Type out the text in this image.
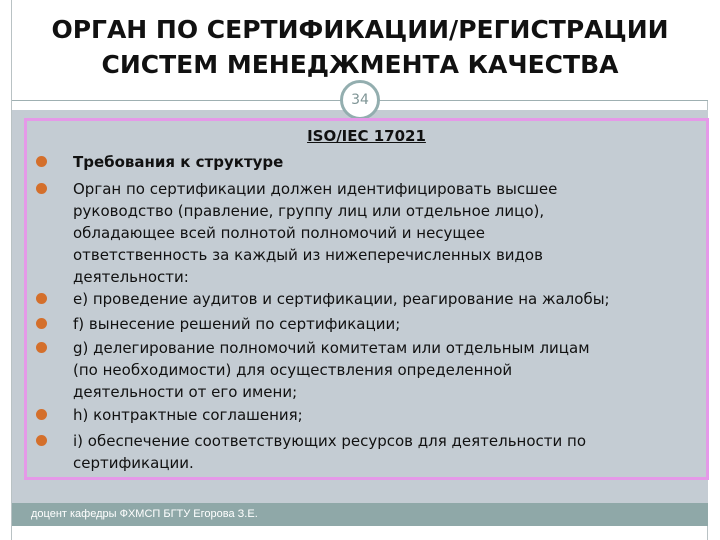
ОРГАН ПО СЕРТИФИКАЦИИ/РЕГИСТРАЦИИ
СИСТЕМ МЕНЕДЖМЕНТА КАЧЕСТВА
34
ISO/IEC 17021
Требования к структуре
Орган по сертификации должен идентифицировать высшее
руководство (правление, группу лиц или отдельное лицо),
обладающее всей полнотой полномочий и несущее
ответственность за каждый из нижеперечисленных видов
деятельности:
e) проведение аудитов и сертификации, реагирование на жалобы;
f) вынесение решений по сертификации;
g) делегирование полномочий комитетам или отдельным лицам
(по необходимости) для осуществления определенной
деятельности от его имени;
h) контрактные соглашения;
i) обеспечение соответствующих ресурсов для деятельности по
сертификации.
доцент кафедры ФХМСП БГТУ Егорова З.Е.
